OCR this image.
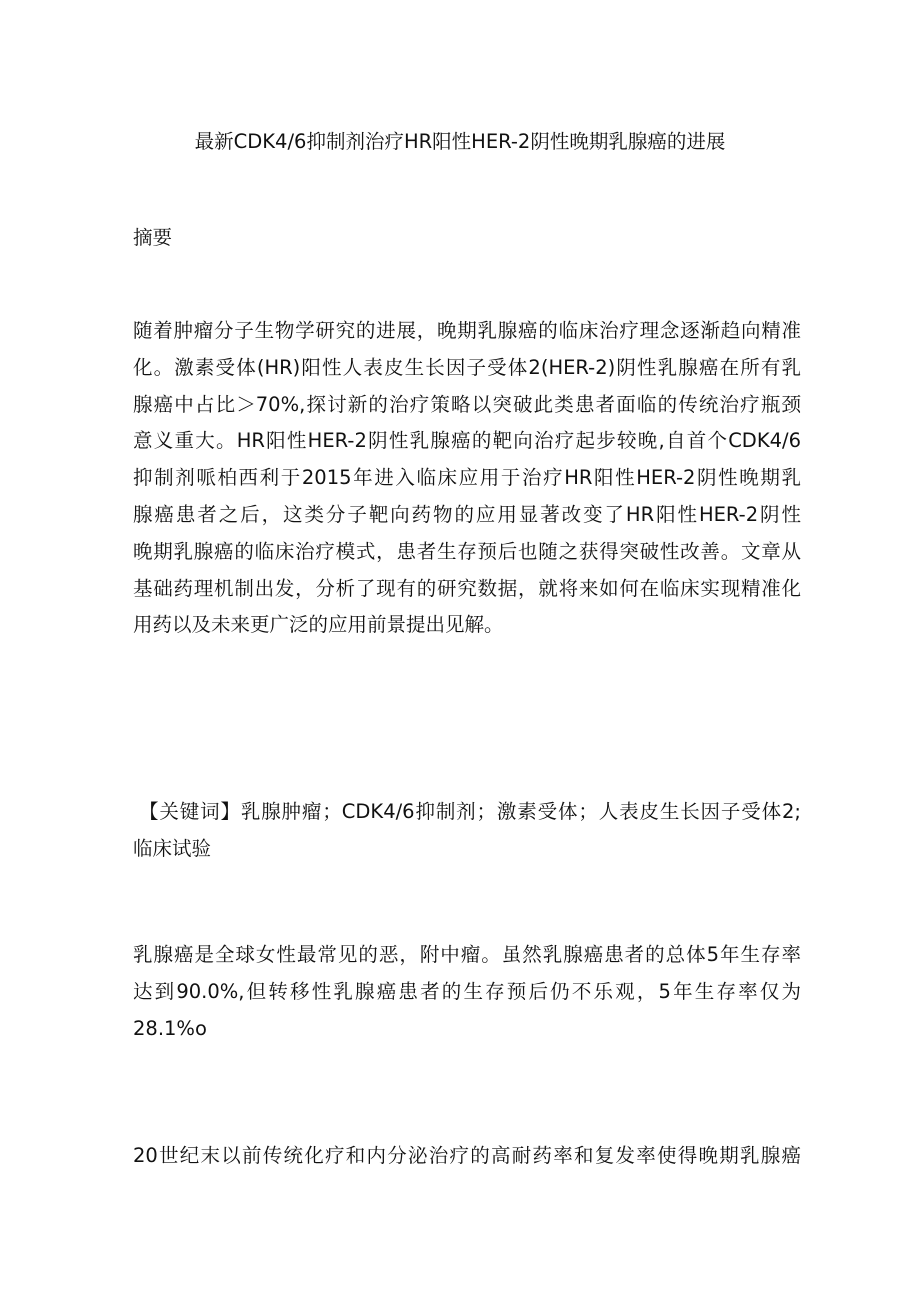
最新CDK4/6抑制剂治疗HR阳性HER-2阴性晚期乳腺癌的进展
摘要
随着肿瘤分子生物学研究的进展，晚期乳腺癌的临床治疗理念逐渐趋向精准
化。激素受体(HR)阳性人表皮生长因子受体2(HER-2)阴性乳腺癌在所有乳
腺癌中占比＞70%,探讨新的治疗策略以突破此类患者面临的传统治疗瓶颈
意义重大。HR阳性HER-2阴性乳腺癌的靶向治疗起步较晚,自首个CDK4/6
抑制剂哌柏西利于2015年进入临床应用于治疗HR阳性HER-2阴性晚期乳
腺癌患者之后，这类分子靶向药物的应用显著改变了HR阳性HER-2阴性
晚期乳腺癌的临床治疗模式，患者生存预后也随之获得突破性改善。文章从
基础药理机制出发，分析了现有的研究数据，就将来如何在临床实现精准化
用药以及未来更广泛的应用前景提出见解。
【关键词】乳腺肿瘤；CDK4/6抑制剂；激素受体；人表皮生长因子受体2;
临床试验
乳腺癌是全球女性最常见的恶，附中瘤。虽然乳腺癌患者的总体5年生存率
达到90.0%,但转移性乳腺癌患者的生存预后仍不乐观，5年生存率仅为
28.1%o
20世纪末以前传统化疗和内分泌治疗的高耐药率和复发率使得晚期乳腺癌
